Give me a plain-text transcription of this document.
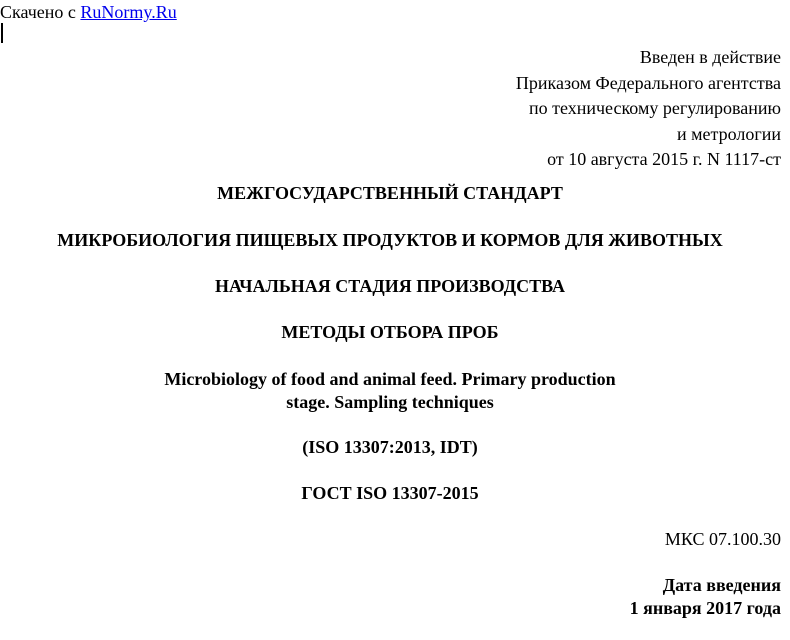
Скачено с RuNormy.Ru
Введен в действие
Приказом Федерального агентства
по техническому регулированию
и метрологии
от 10 августа 2015 г. N 1117-ст
МЕЖГОСУДАРСТВЕННЫЙ СТАНДАРТ
МИКРОБИОЛОГИЯ ПИЩЕВЫХ ПРОДУКТОВ И КОРМОВ ДЛЯ ЖИВОТНЫХ
НАЧАЛЬНАЯ СТАДИЯ ПРОИЗВОДСТВА
МЕТОДЫ ОТБОРА ПРОБ
Microbiology of food and animal feed. Primary production
stage. Sampling techniques
(ISO 13307:2013, IDT)
ГОСТ ISO 13307-2015
МКС 07.100.30
Дата введения
1 января 2017 года
